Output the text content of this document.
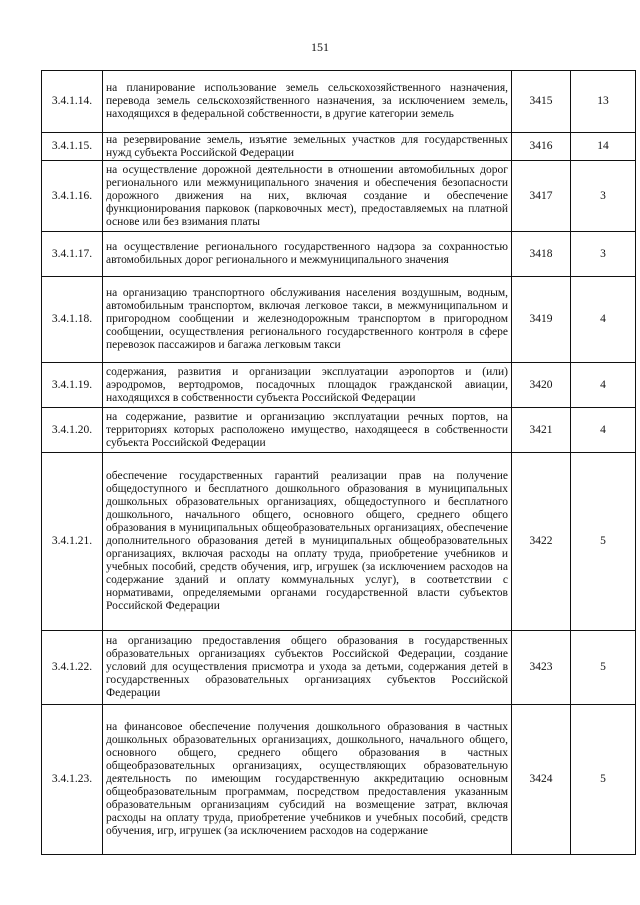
151
3.4.1.14.	на планирование использование земель сельскохозяйственного назначения, перевода земель сельскохозяйственного назначения, за исключением земель, находящихся в федеральной собственности, в другие категории земель	3415	13
3.4.1.15.	на резервирование земель, изъятие земельных участков для государственных нужд субъекта Российской Федерации	3416	14
3.4.1.16.	на осуществление дорожной деятельности в отношении автомобильных дорог регионального или межмуниципального значения и обеспечения безопасности дорожного движения на них, включая создание и обеспечение функционирования парковок (парковочных мест), предоставляемых на платной основе или без взимания платы	3417	3
3.4.1.17.	на осуществление регионального государственного надзора за сохранностью автомобильных дорог регионального и межмуниципального значения	3418	3
3.4.1.18.	на организацию транспортного обслуживания населения воздушным, водным, автомобильным транспортом, включая легковое такси, в межмуниципальном и пригородном сообщении и железнодорожным транспортом в пригородном сообщении, осуществления регионального государственного контроля в сфере перевозок пассажиров и багажа легковым такси	3419	4
3.4.1.19.	содержания, развития и организации эксплуатации аэропортов и (или) аэродромов, вертодромов, посадочных площадок гражданской авиации, находящихся в собственности субъекта Российской Федерации	3420	4
3.4.1.20.	на содержание, развитие и организацию эксплуатации речных портов, на территориях которых расположено имущество, находящееся в собственности субъекта Российской Федерации	3421	4
3.4.1.21.	обеспечение государственных гарантий реализации прав на получение общедоступного и бесплатного дошкольного образования в муниципальных дошкольных образовательных организациях, общедоступного и бесплатного дошкольного, начального общего, основного общего, среднего общего образования в муниципальных общеобразовательных организациях, обеспечение дополнительного образования детей в муниципальных общеобразовательных организациях, включая расходы на оплату труда, приобретение учебников и учебных пособий, средств обучения, игр, игрушек (за исключением расходов на содержание зданий и оплату коммунальных услуг), в соответствии с нормативами, определяемыми органами государственной власти субъектов Российской Федерации	3422	5
3.4.1.22.	на организацию предоставления общего образования в государственных образовательных организациях субъектов Российской Федерации, создание условий для осуществления присмотра и ухода за детьми, содержания детей в государственных образовательных организациях субъектов Российской Федерации	3423	5
3.4.1.23.	на финансовое обеспечение получения дошкольного образования в частных дошкольных образовательных организациях, дошкольного, начального общего, основного общего, среднего общего образования в частных общеобразовательных организациях, осуществляющих образовательную деятельность по имеющим государственную аккредитацию основным общеобразовательным программам, посредством предоставления указанным образовательным организациям субсидий на возмещение затрат, включая расходы на оплату труда, приобретение учебников и учебных пособий, средств обучения, игр, игрушек (за исключением расходов на содержание	3424	5
